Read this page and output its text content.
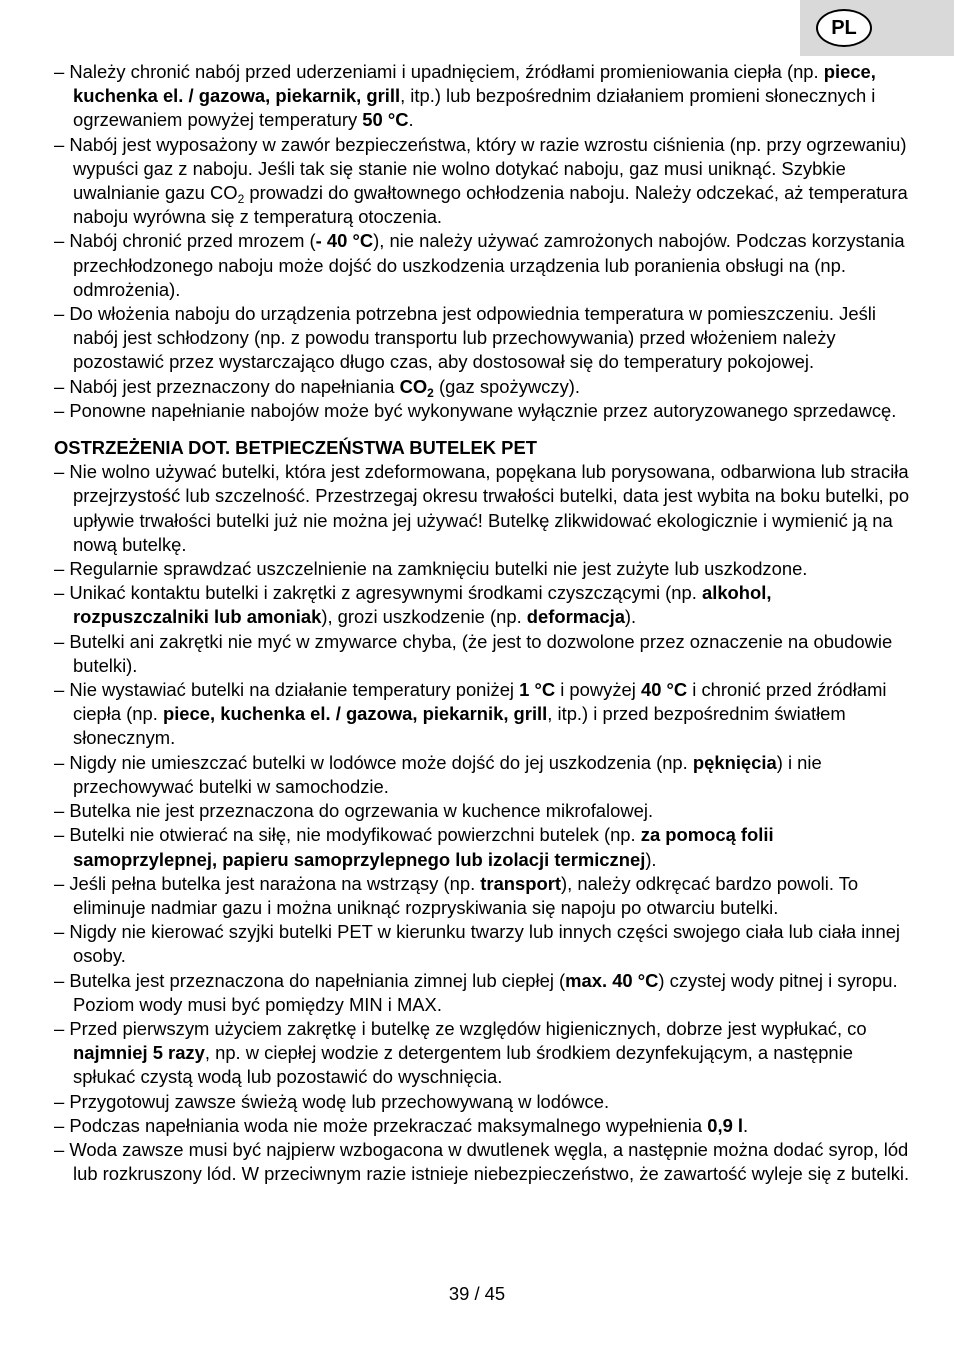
PL
– Należy chronić nabój przed uderzeniami i upadnięciem, źródłami promieniowania ciepła (np. piece, kuchenka el. / gazowa, piekarnik, grill, itp.) lub bezpośrednim działaniem promieni słonecznych i ogrzewaniem powyżej temperatury 50 °C.
– Nabój jest wyposażony w zawór bezpieczeństwa, który w razie wzrostu ciśnienia (np. przy ogrzewaniu) wypuści gaz z naboju. Jeśli tak się stanie nie wolno dotykać naboju, gaz musi uniknąć. Szybkie uwalnianie gazu $CO_2$ prowadzi do gwałtownego ochłodzenia naboju. Należy odczekać, aż temperatura naboju wyrówna się z temperaturą otoczenia.
– Nabój chronić przed mrozem (- 40 °C), nie należy używać zamrożonych nabojów. Podczas korzystania przechłodzonego naboju może dojść do uszkodzenia urządzenia lub poranienia obsługi na (np. odmrożenia).
– Do włożenia naboju do urządzenia potrzebna jest odpowiednia temperatura w pomieszczeniu. Jeśli nabój jest schłodzony (np. z powodu transportu lub przechowywania) przed włożeniem należy pozostawić przez wystarczająco długo czas, aby dostosował się do temperatury pokojowej.
– Nabój jest przeznaczony do napełniania $CO_2$ (gaz spożywczy).
– Ponowne napełnianie nabojów może być wykonywane wyłącznie przez autoryzowanego sprzedawcę.
OSTRZEŻENIA DOT. BETPIECZEŃSTWA BUTELEK PET
– Nie wolno używać butelki, która jest zdeformowana, popękana lub porysowana, odbarwiona lub straciła przejrzystość lub szczelność. Przestrzegaj okresu trwałości butelki, data jest wybita na boku butelki, po upływie trwałości butelki już nie można jej używać! Butelkę zlikwidować ekologicznie i wymienić ją na nową butelkę.
– Regularnie sprawdzać uszczelnienie na zamknięciu butelki nie jest zużyte lub uszkodzone.
– Unikać kontaktu butelki i zakrętki z agresywnymi środkami czyszczącymi (np. alkohol, rozpuszczalniki lub amoniak), grozi uszkodzenie (np. deformacja).
– Butelki ani zakrętki nie myć w zmywarce chyba, (że jest to dozwolone przez oznaczenie na obudowie butelki).
– Nie wystawiać butelki na działanie temperatury poniżej 1 °C i powyżej 40 °C i chronić przed źródłami ciepła (np. piece, kuchenka el. / gazowa, piekarnik, grill, itp.) i przed bezpośrednim światłem słonecznym.
– Nigdy nie umieszczać butelki w lodówce może dojść do jej uszkodzenia (np. pęknięcia) i nie przechowywać butelki w samochodzie.
– Butelka nie jest przeznaczona do ogrzewania w kuchence mikrofalowej.
– Butelki nie otwierać na siłę, nie modyfikować powierzchni butelek (np. za pomocą folii samoprzylepnej, papieru samoprzylepnego lub izolacji termicznej).
– Jeśli pełna butelka jest narażona na wstrząsy (np. transport), należy odkręcać bardzo powoli. To eliminuje nadmiar gazu i można uniknąć rozpryskiwania się napoju po otwarciu butelki.
– Nigdy nie kierować szyjki butelki PET w kierunku twarzy lub innych części swojego ciała lub ciała innej osoby.
– Butelka jest przeznaczona do napełniania zimnej lub ciepłej (max. 40 °C) czystej wody pitnej i syropu. Poziom wody musi być pomiędzy MIN i MAX.
– Przed pierwszym użyciem zakrętkę i butelkę ze względów higienicznych, dobrze jest wypłukać, co najmniej 5 razy, np. w ciepłej wodzie z detergentem lub środkiem dezynfekującym, a następnie spłukać czystą wodą lub pozostawić do wyschnięcia.
– Przygotowuj zawsze świeżą wodę lub przechowywaną w lodówce.
– Podczas napełniania woda nie może przekraczać maksymalnego wypełnienia 0,9 l.
– Woda zawsze musi być najpierw wzbogacona w dwutlenek węgla, a następnie można dodać syrop, lód lub rozkruszony lód. W przeciwnym razie istnieje niebezpieczeństwo, że zawartość wyleje się z butelki.
39 / 45
